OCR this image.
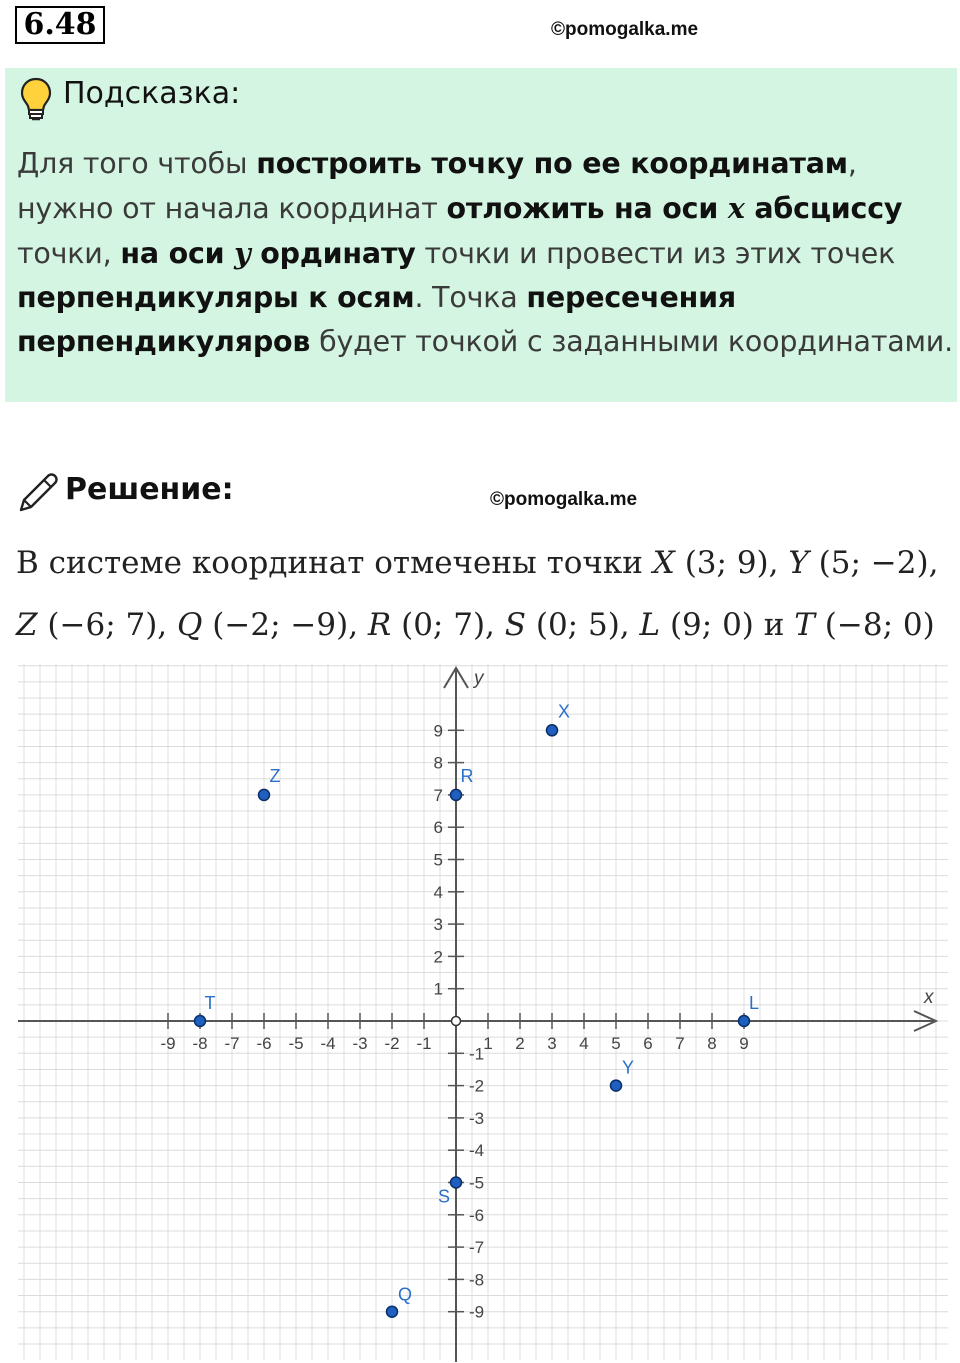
6.48	©pomogalka.me
Подсказка:
Для того чтобы построить точку по ее координатам, нужно от начала координат отложить на оси x абсциссу точки, на оси y ординату точки и провести из этих точек перпендикуляры к осям. Точка пересечения перпендикуляров будет точкой с заданными координатами.
©pomogalka.me
Решение:
В системе координат отмечены точки X (3; 9), Y (5; −2),
Z (−6; 7), Q (−2; −9), R (0; 7), S (0; 5), L (9; 0) и T (−8; 0)
x
y
-9 -8 -7 -6 -5 -4 -3 -2 -1	1 2 3 4 5 6 7 8 9
9
8
7
6
5
4
3
2
1
-1
-2
-3
-4
-5
-6
-7
-8
-9
X
Y
Z
Q
R
S
L
T
